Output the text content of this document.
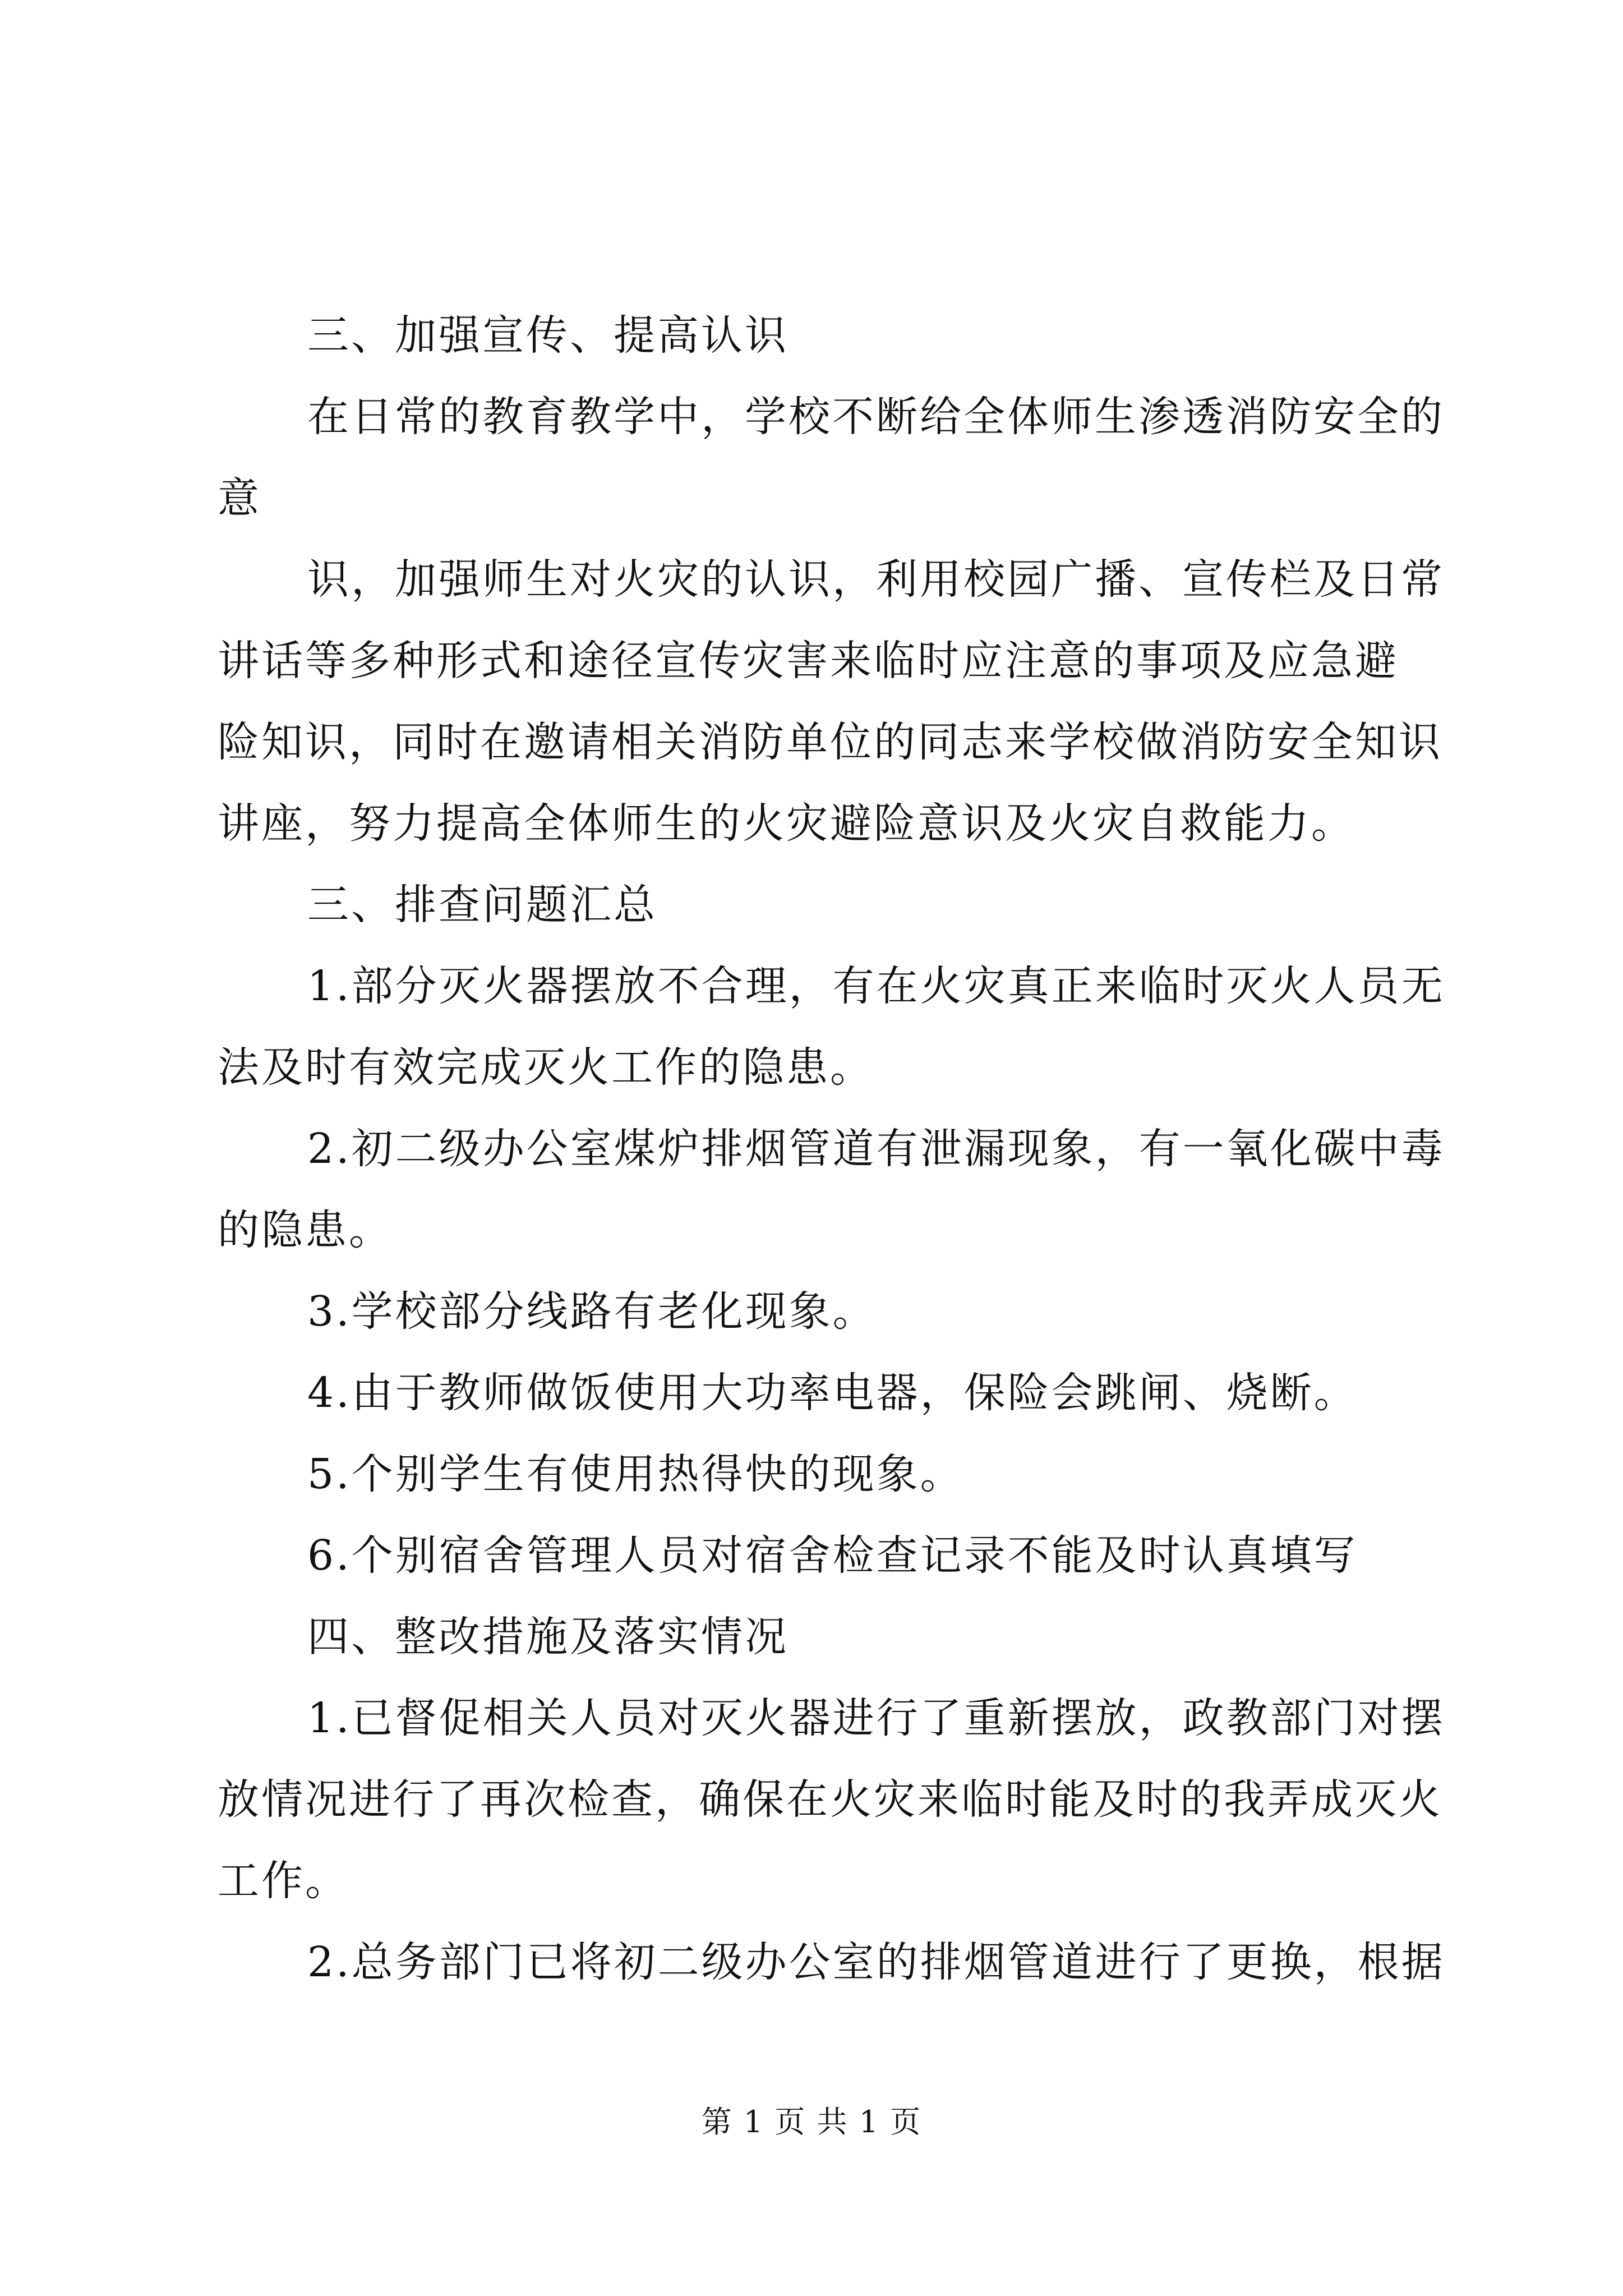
三、加强宣传、提高认识
在日常的教育教学中，学校不断给全体师生渗透消防安全的
意
识，加强师生对火灾的认识，利用校园广播、宣传栏及日常
讲话等多种形式和途径宣传灾害来临时应注意的事项及应急避
险知识，同时在邀请相关消防单位的同志来学校做消防安全知识
讲座，努力提高全体师生的火灾避险意识及火灾自救能力。
三、排查问题汇总
1.部分灭火器摆放不合理，有在火灾真正来临时灭火人员无
法及时有效完成灭火工作的隐患。
2.初二级办公室煤炉排烟管道有泄漏现象，有一氧化碳中毒
的隐患。
3.学校部分线路有老化现象。
4.由于教师做饭使用大功率电器，保险会跳闸、烧断。
5.个别学生有使用热得快的现象。
6.个别宿舍管理人员对宿舍检查记录不能及时认真填写
四、整改措施及落实情况
1.已督促相关人员对灭火器进行了重新摆放，政教部门对摆
放情况进行了再次检查，确保在火灾来临时能及时的我弄成灭火
工作。
2.总务部门已将初二级办公室的排烟管道进行了更换，根据
第 1 页 共 1 页
